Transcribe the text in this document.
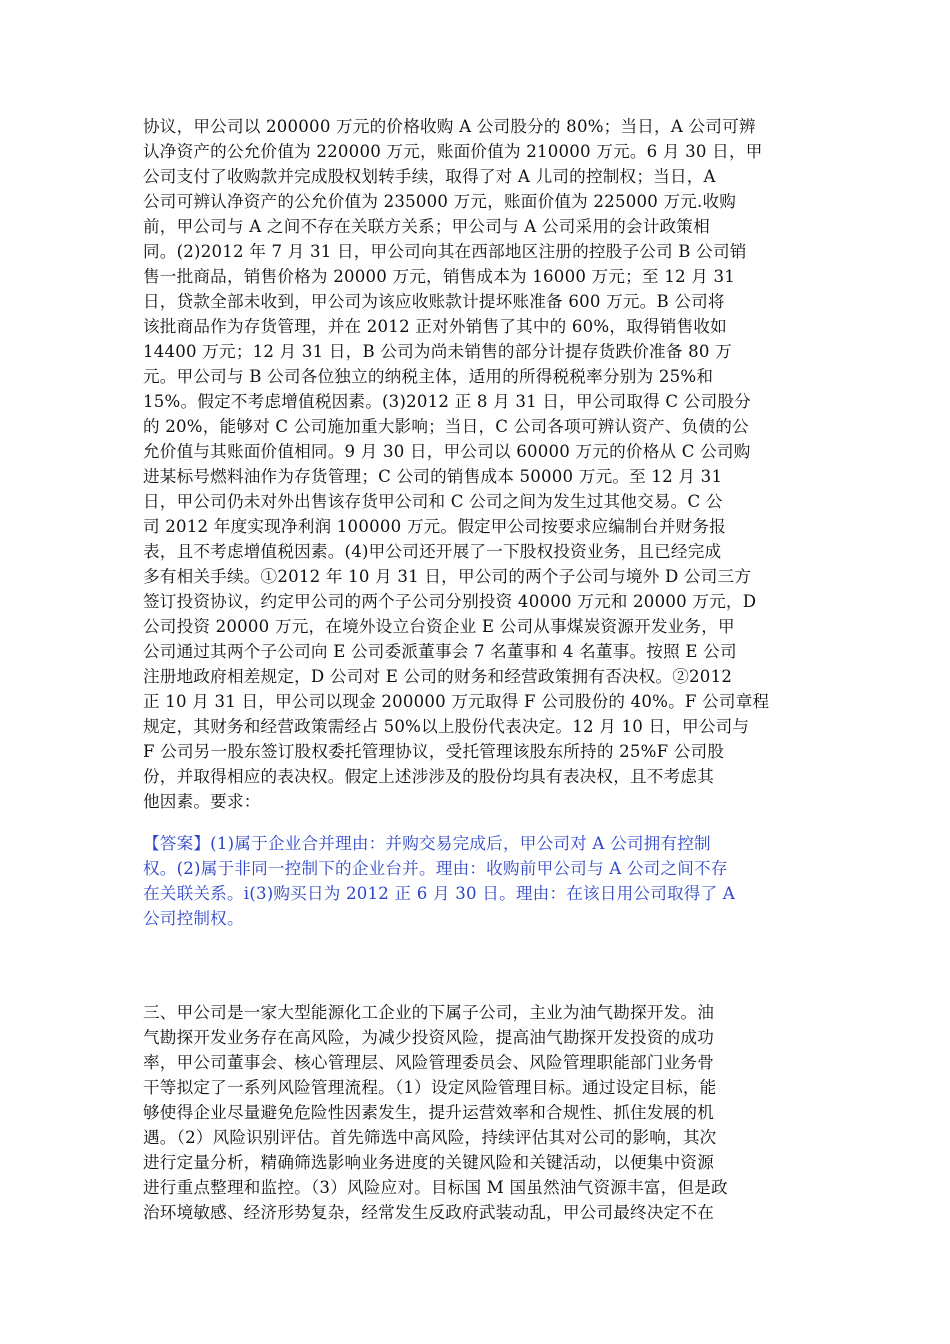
协议，甲公司以 200000 万元的价格收购 A 公司股分的 80%；当日，A 公司可辨
认净资产的公允价值为 220000 万元，账面价值为 210000 万元。6 月 30 日，甲
公司支付了收购款并完成股权划转手续，取得了对 A 儿司的控制权；当日，A
公司可辨认净资产的公允价值为 235000 万元，账面价值为 225000 万元.收购
前，甲公司与 A 之间不存在关联方关系；甲公司与 A 公司采用的会计政策相
同。(2)2012 年 7 月 31 日，甲公司向其在西部地区注册的控股子公司 B 公司销
售一批商品，销售价格为 20000 万元，销售成本为 16000 万元；至 12 月 31
日，贷款全部未收到，甲公司为该应收账款计提坏账准备 600 万元。B 公司将
该批商品作为存货管理，并在 2012 正对外销售了其中的 60%，取得销售收如
14400 万元；12 月 31 日，B 公司为尚未销售的部分计提存货跌价准备 80 万
元。甲公司与 B 公司各位独立的纳税主体，适用的所得税税率分别为 25%和
15%。假定不考虑增值税因素。(3)2012 正 8 月 31 日，甲公司取得 C 公司股分
的 20%，能够对 C 公司施加重大影响；当日，C 公司各项可辨认资产、负债的公
允价值与其账面价值相同。9 月 30 日，甲公司以 60000 万元的价格从 C 公司购
进某标号燃料油作为存货管理；C 公司的销售成本 50000 万元。至 12 月 31
日，甲公司仍未对外出售该存货甲公司和 C 公司之间为发生过其他交易。C 公
司 2012 年度实现净利润 100000 万元。假定甲公司按要求应编制台并财务报
表，且不考虑增值税因素。(4)甲公司还开展了一下股权投资业务，且已经完成
多有相关手续。①2012 年 10 月 31 日，甲公司的两个子公司与境外 D 公司三方
签订投资协议，约定甲公司的两个子公司分别投资 40000 万元和 20000 万元，D
公司投资 20000 万元，在境外设立台资企业 E 公司从事煤炭资源开发业务，甲
公司通过其两个子公司向 E 公司委派董事会 7 名董事和 4 名董事。按照 E 公司
注册地政府相差规定，D 公司对 E 公司的财务和经营政策拥有否决权。②2012
正 10 月 31 日，甲公司以现金 200000 万元取得 F 公司股份的 40%。F 公司章程
规定，其财务和经营政策需经占 50%以上股份代表决定。12 月 10 日，甲公司与
F 公司另一股东签订股权委托管理协议，受托管理该股东所持的 25%F 公司股
份，并取得相应的表决权。假定上述涉涉及的股份均具有表决权，且不考虑其
他因素。要求：
【答案】(1)属于企业合并理由：并购交易完成后，甲公司对 A 公司拥有控制
权。(2)属于非同一控制下的企业台并。理由：收购前甲公司与 A 公司之间不存
在关联关系。i(3)购买日为 2012 正 6 月 30 日。理由：在该日用公司取得了 A
公司控制权。
三、甲公司是一家大型能源化工企业的下属子公司，主业为油气勘探开发。油
气勘探开发业务存在高风险，为减少投资风险，提高油气勘探开发投资的成功
率，甲公司董事会、核心管理层、风险管理委员会、风险管理职能部门业务骨
干等拟定了一系列风险管理流程。（1）设定风险管理目标。通过设定目标，能
够使得企业尽量避免危险性因素发生，提升运营效率和合规性、抓住发展的机
遇。（2）风险识别评估。首先筛选中高风险，持续评估其对公司的影响，其次
进行定量分析，精确筛选影响业务进度的关键风险和关键活动，以便集中资源
进行重点整理和监控。（3）风险应对。目标国 M 国虽然油气资源丰富，但是政
治环境敏感、经济形势复杂，经常发生反政府武装动乱，甲公司最终决定不在
